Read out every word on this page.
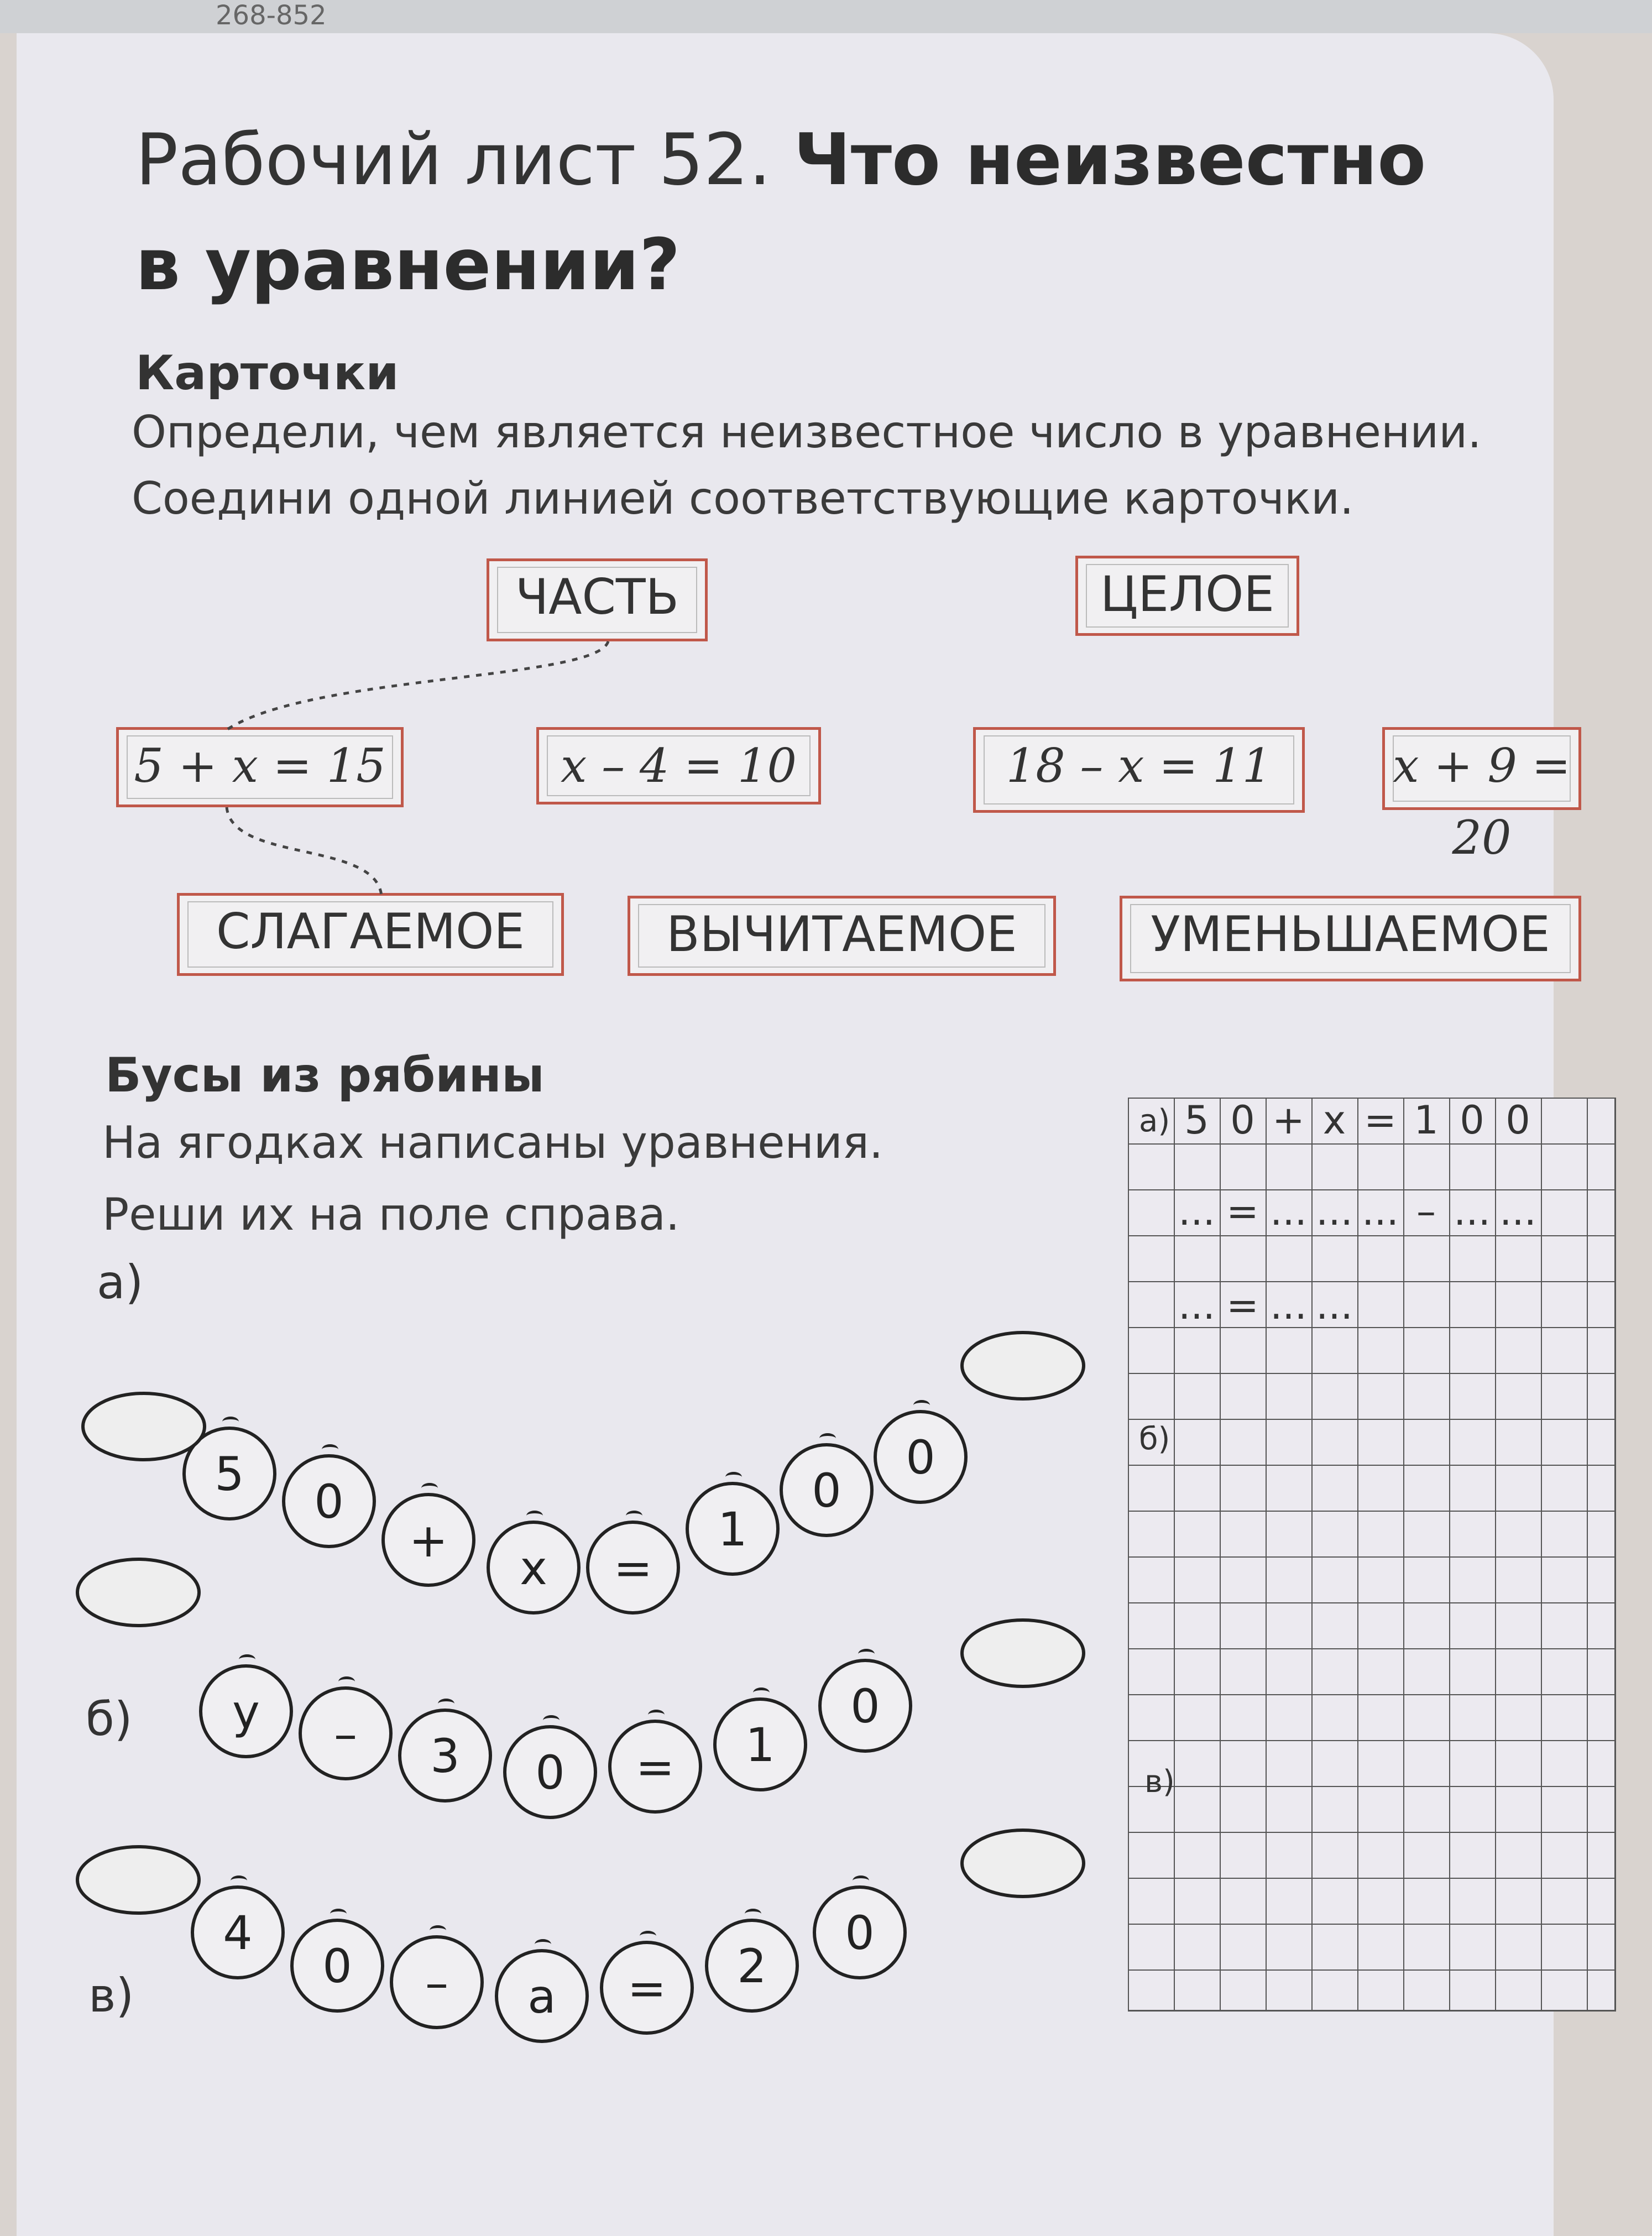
268-852
Рабочий лист 52. Что неизвестно
в уравнении?
Карточки
Определи, чем является неизвестное число в уравнении.
Соедини одной линией соответствующие карточки.
ЧАСТЬ	ЦЕЛОЕ
5 + x = 15	x – 4 = 10	18 – x = 11	x + 9 = 20
СЛАГАЕМОЕ	ВЫЧИТАЕМОЕ	УМЕНЬШАЕМОЕ
Бусы из рябины
На ягодках написаны уравнения.
Реши их на поле справа.
а)
б)
в)
5 0 + x = 1 0 0
... = ... ... ... – ... ...
... = ... ...
а)
б)
в)
5
0
+
x	=
1
0
0
y	–	3	0	=	1
0
4
0	–	a	=	2
0
